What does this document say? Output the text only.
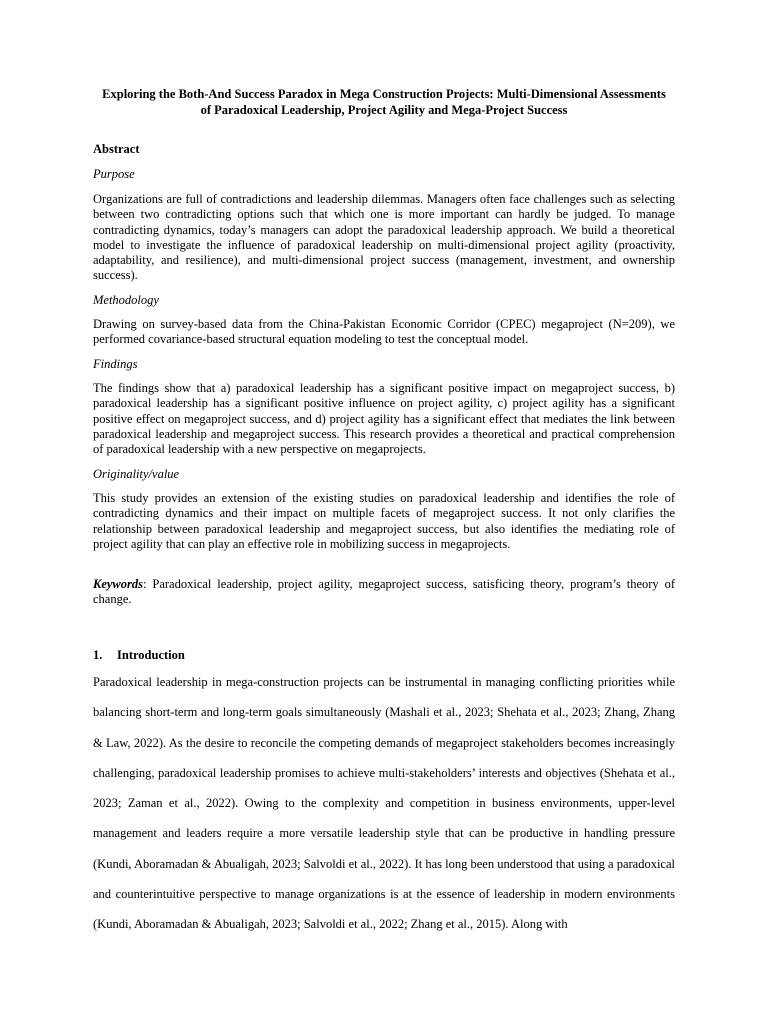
Exploring the Both-And Success Paradox in Mega Construction Projects: Multi-Dimensional Assessments of Paradoxical Leadership, Project Agility and Mega-Project Success
Abstract
Purpose
Organizations are full of contradictions and leadership dilemmas. Managers often face challenges such as selecting between two contradicting options such that which one is more important can hardly be judged. To manage contradicting dynamics, today’s managers can adopt the paradoxical leadership approach. We build a theoretical model to investigate the influence of paradoxical leadership on multi-dimensional project agility (proactivity, adaptability, and resilience), and multi-dimensional project success (management, investment, and ownership success).
Methodology
Drawing on survey-based data from the China-Pakistan Economic Corridor (CPEC) megaproject (N=209), we performed covariance-based structural equation modeling to test the conceptual model.
Findings
The findings show that a) paradoxical leadership has a significant positive impact on megaproject success, b) paradoxical leadership has a significant positive influence on project agility, c) project agility has a significant positive effect on megaproject success, and d) project agility has a significant effect that mediates the link between paradoxical leadership and megaproject success. This research provides a theoretical and practical comprehension of paradoxical leadership with a new perspective on megaprojects.
Originality/value
This study provides an extension of the existing studies on paradoxical leadership and identifies the role of contradicting dynamics and their impact on multiple facets of megaproject success. It not only clarifies the relationship between paradoxical leadership and megaproject success, but also identifies the mediating role of project agility that can play an effective role in mobilizing success in megaprojects.
Keywords: Paradoxical leadership, project agility, megaproject success, satisficing theory, program’s theory of change.
1. Introduction
Paradoxical leadership in mega-construction projects can be instrumental in managing conflicting priorities while balancing short-term and long-term goals simultaneously (Mashali et al., 2023; Shehata et al., 2023; Zhang, Zhang & Law, 2022). As the desire to reconcile the competing demands of megaproject stakeholders becomes increasingly challenging, paradoxical leadership promises to achieve multi-stakeholders’ interests and objectives (Shehata et al., 2023; Zaman et al., 2022). Owing to the complexity and competition in business environments, upper-level management and leaders require a more versatile leadership style that can be productive in handling pressure (Kundi, Aboramadan & Abualigah, 2023; Salvoldi et al., 2022). It has long been understood that using a paradoxical and counterintuitive perspective to manage organizations is at the essence of leadership in modern environments (Kundi, Aboramadan & Abualigah, 2023; Salvoldi et al., 2022; Zhang et al., 2015). Along with
